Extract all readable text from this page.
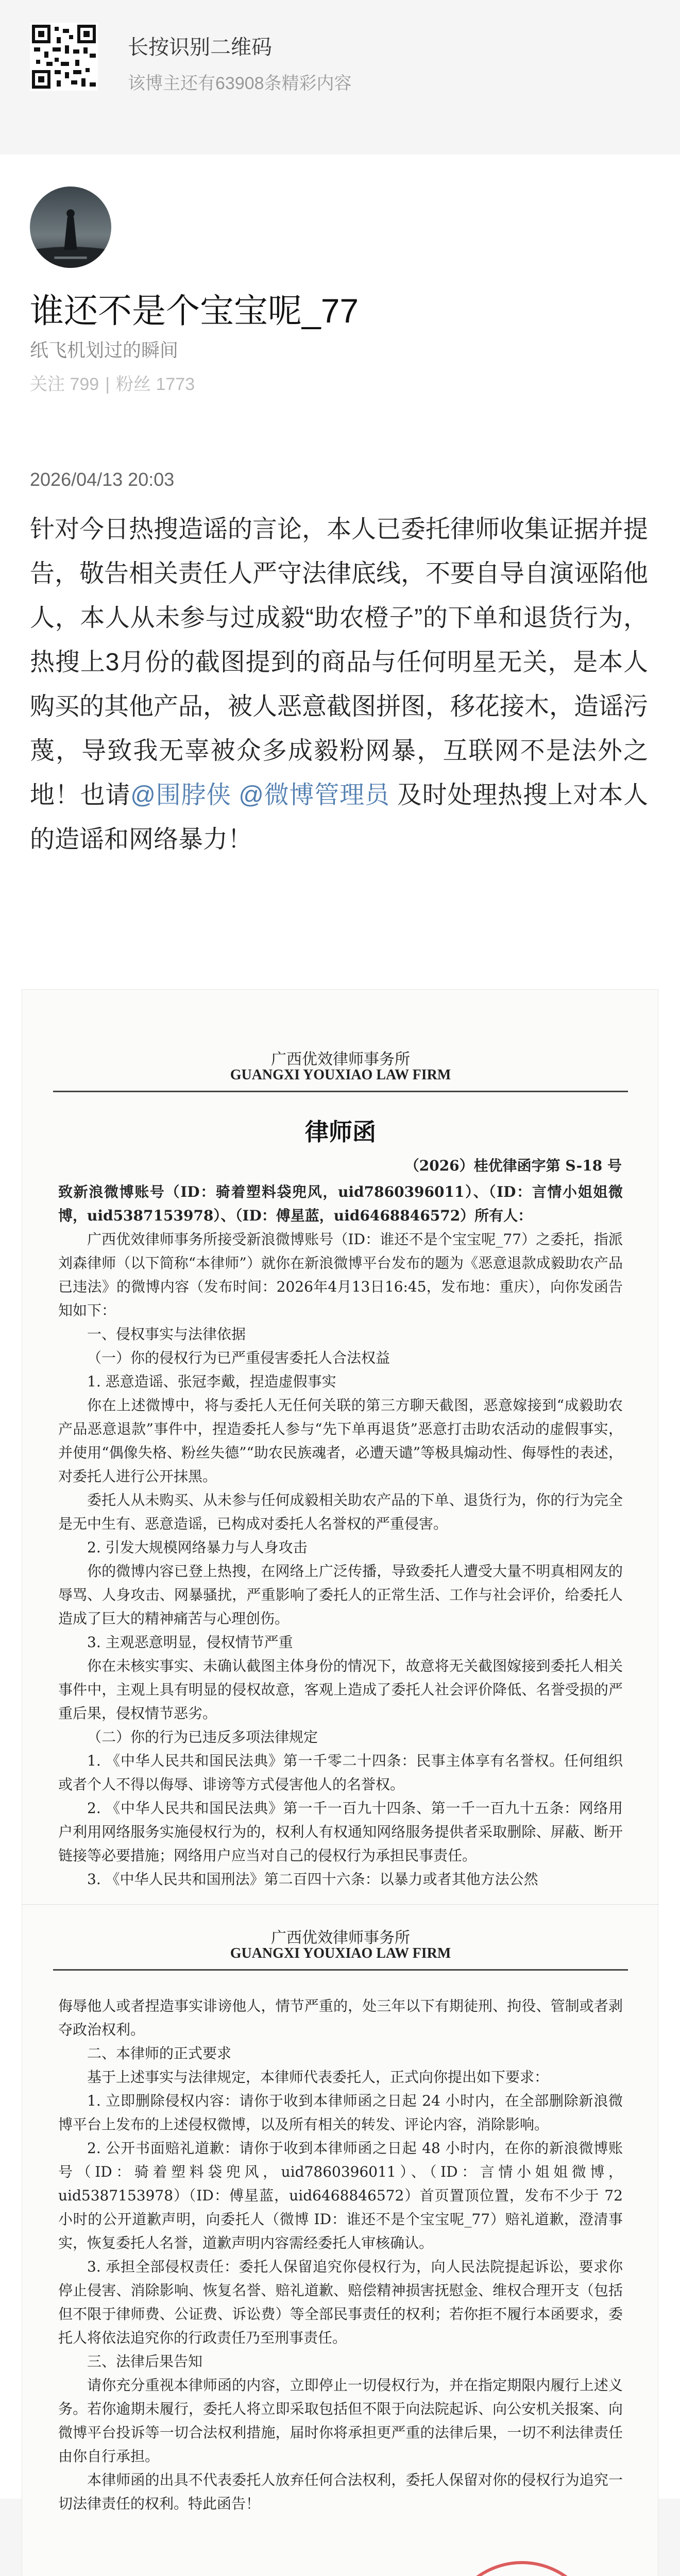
长按识别二维码
该博主还有63908条精彩内容
谁还不是个宝宝呢_77
纸飞机划过的瞬间
关注 799 | 粉丝 1773
2026/04/13 20:03
针对今日热搜造谣的言论，本人已委托律师收集证据并提告，敬告相关责任人严守法律底线，不要自导自演诬陷他人，本人从未参与过成毅“助农橙子”的下单和退货行为，热搜上3月份的截图提到的商品与任何明星无关，是本人购买的其他产品，被人恶意截图拼图，移花接木，造谣污蔑，导致我无辜被众多成毅粉网暴，互联网不是法外之地！也请@围脖侠 @微博管理员 及时处理热搜上对本人的造谣和网络暴力！
广西优效律师事务所
GUANGXI YOUXIAO LAW FIRM
律师函
（2026）桂优律函字第 S-18 号

致新浪微博账号（ID：骑着塑料袋兜风，uid7860396011）、（ID：言情小姐姐微博，uid5387153978）、（ID：傅星蓝，uid6468846572）所有人：

广西优效律师事务所接受新浪微博账号（ID：谁还不是个宝宝呢_77）之委托，指派刘森律师（以下简称“本律师”）就你在新浪微博平台发布的题为《恶意退款成毅助农产品已违法》的微博内容（发布时间：2026年4月13日16:45，发布地：重庆），向你发函告知如下：

一、侵权事实与法律依据

（一）你的侵权行为已严重侵害委托人合法权益

1. 恶意造谣、张冠李戴，捏造虚假事实

你在上述微博中，将与委托人无任何关联的第三方聊天截图，恶意嫁接到“成毅助农产品恶意退款”事件中，捏造委托人参与“先下单再退货”恶意打击助农活动的虚假事实，并使用“偶像失格、粉丝失德”“助农民族魂者，必遭天谴”等极具煽动性、侮辱性的表述，对委托人进行公开抹黑。

委托人从未购买、从未参与任何成毅相关助农产品的下单、退货行为，你的行为完全是无中生有、恶意造谣，已构成对委托人名誉权的严重侵害。

2. 引发大规模网络暴力与人身攻击

你的微博内容已登上热搜，在网络上广泛传播，导致委托人遭受大量不明真相网友的辱骂、人身攻击、网暴骚扰，严重影响了委托人的正常生活、工作与社会评价，给委托人造成了巨大的精神痛苦与心理创伤。

3. 主观恶意明显，侵权情节严重

你在未核实事实、未确认截图主体身份的情况下，故意将无关截图嫁接到委托人相关事件中，主观上具有明显的侵权故意，客观上造成了委托人社会评价降低、名誉受损的严重后果，侵权情节恶劣。

（二）你的行为已违反多项法律规定

1. 《中华人民共和国民法典》第一千零二十四条：民事主体享有名誉权。任何组织或者个人不得以侮辱、诽谤等方式侵害他人的名誉权。

2. 《中华人民共和国民法典》第一千一百九十四条、第一千一百九十五条：网络用户利用网络服务实施侵权行为的，权利人有权通知网络服务提供者采取删除、屏蔽、断开链接等必要措施；网络用户应当对自己的侵权行为承担民事责任。

3. 《中华人民共和国刑法》第二百四十六条：以暴力或者其他方法公然

广西优效律师事务所
GUANGXI YOUXIAO LAW FIRM

侮辱他人或者捏造事实诽谤他人，情节严重的，处三年以下有期徒刑、拘役、管制或者剥夺政治权利。

二、本律师的正式要求

基于上述事实与法律规定，本律师代表委托人，正式向你提出如下要求：

1. 立即删除侵权内容：请你于收到本律师函之日起 24 小时内，在全部删除新浪微博平台上发布的上述侵权微博，以及所有相关的转发、评论内容，消除影响。

2. 公开书面赔礼道歉：请你于收到本律师函之日起 48 小时内，在你的新浪微博账号（ID：骑着塑料袋兜风，uid7860396011）、（ID：言情小姐姐微博，uid5387153978）（ID：傅星蓝，uid6468846572）首页置顶位置，发布不少于 72 小时的公开道歉声明，向委托人（微博 ID：谁还不是个宝宝呢_77）赔礼道歉，澄清事实，恢复委托人名誉，道歉声明内容需经委托人审核确认。

3. 承担全部侵权责任：委托人保留追究你侵权行为，向人民法院提起诉讼，要求你停止侵害、消除影响、恢复名誉、赔礼道歉、赔偿精神损害抚慰金、维权合理开支（包括但不限于律师费、公证费、诉讼费）等全部民事责任的权利；若你拒不履行本函要求，委托人将依法追究你的行政责任乃至刑事责任。

三、法律后果告知

请你充分重视本律师函的内容，立即停止一切侵权行为，并在指定期限内履行上述义务。若你逾期未履行，委托人将立即采取包括但不限于向法院起诉、向公安机关报案、向微博平台投诉等一切合法权利措施，届时你将承担更严重的法律后果，一切不利法律责任由你自行承担。

本律师函的出具不代表委托人放弃任何合法权利，委托人保留对你的侵权行为追究一切法律责任的权利。特此函告！
